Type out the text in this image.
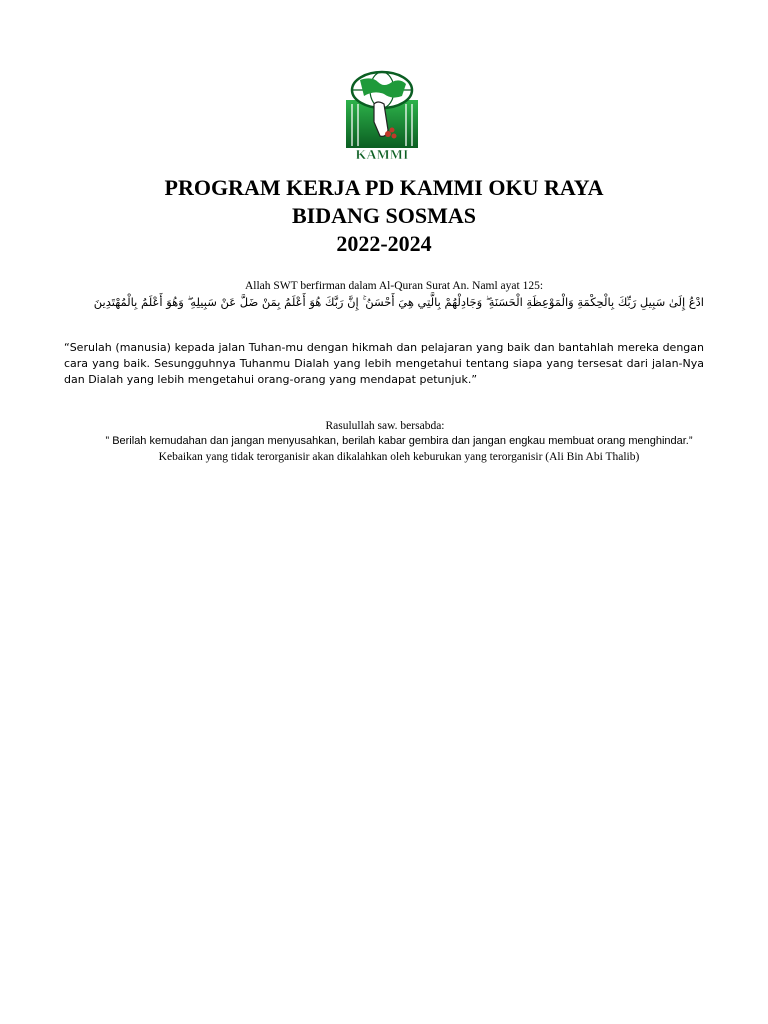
KAMMI
PROGRAM KERJA PD KAMMI OKU RAYA
BIDANG SOSMAS
2022-2024
Allah SWT berfirman dalam Al-Quran Surat An. Naml ayat 125:
ادْعُ إِلَىٰ سَبِيلِ رَبِّكَ بِالْحِكْمَةِ وَالْمَوْعِظَةِ الْحَسَنَةِ ۖ وَجَادِلْهُمْ بِالَّتِي هِيَ أَحْسَنُ ۚ إِنَّ رَبَّكَ هُوَ أَعْلَمُ بِمَنْ ضَلَّ عَنْ سَبِيلِهِ ۖ وَهُوَ أَعْلَمُ بِالْمُهْتَدِينَ
“Serulah (manusia) kepada jalan Tuhan-mu dengan hikmah dan pelajaran yang baik dan bantahlah mereka dengan cara yang baik. Sesungguhnya Tuhanmu Dialah yang lebih mengetahui tentang siapa yang tersesat dari jalan-Nya dan Dialah yang lebih mengetahui orang-orang yang mendapat petunjuk.”
Rasulullah saw. bersabda:
” Berilah kemudahan dan jangan menyusahkan, berilah kabar gembira dan jangan engkau membuat orang menghindar.”
Kebaikan yang tidak terorganisir akan dikalahkan oleh keburukan yang terorganisir (Ali Bin Abi Thalib)
